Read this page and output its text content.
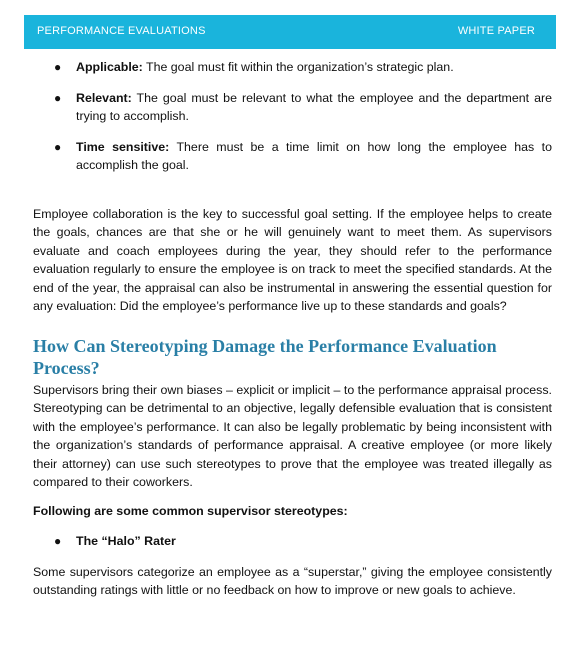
PERFORMANCE EVALUATIONS	WHITE PAPER
● Applicable: The goal must fit within the organization’s strategic plan.
● Relevant: The goal must be relevant to what the employee and the department are trying to accomplish.
● Time sensitive: There must be a time limit on how long the employee has to accomplish the goal.

Employee collaboration is the key to successful goal setting. If the employee helps to create the goals, chances are that she or he will genuinely want to meet them. As supervisors evaluate and coach employees during the year, they should refer to the performance evaluation regularly to ensure the employee is on track to meet the specified standards. At the end of the year, the appraisal can also be instrumental in answering the essential question for any evaluation: Did the employee’s performance live up to these standards and goals?

How Can Stereotyping Damage the Performance Evaluation Process?

Supervisors bring their own biases – explicit or implicit – to the performance appraisal process. Stereotyping can be detrimental to an objective, legally defensible evaluation that is consistent with the employee’s performance. It can also be legally problematic by being inconsistent with the organization’s standards of performance appraisal. A creative employee (or more likely their attorney) can use such stereotypes to prove that the employee was treated illegally as compared to their coworkers.

Following are some common supervisor stereotypes:

● The “Halo” Rater

Some supervisors categorize an employee as a “superstar,” giving the employee consistently outstanding ratings with little or no feedback on how to improve or new goals to achieve.
